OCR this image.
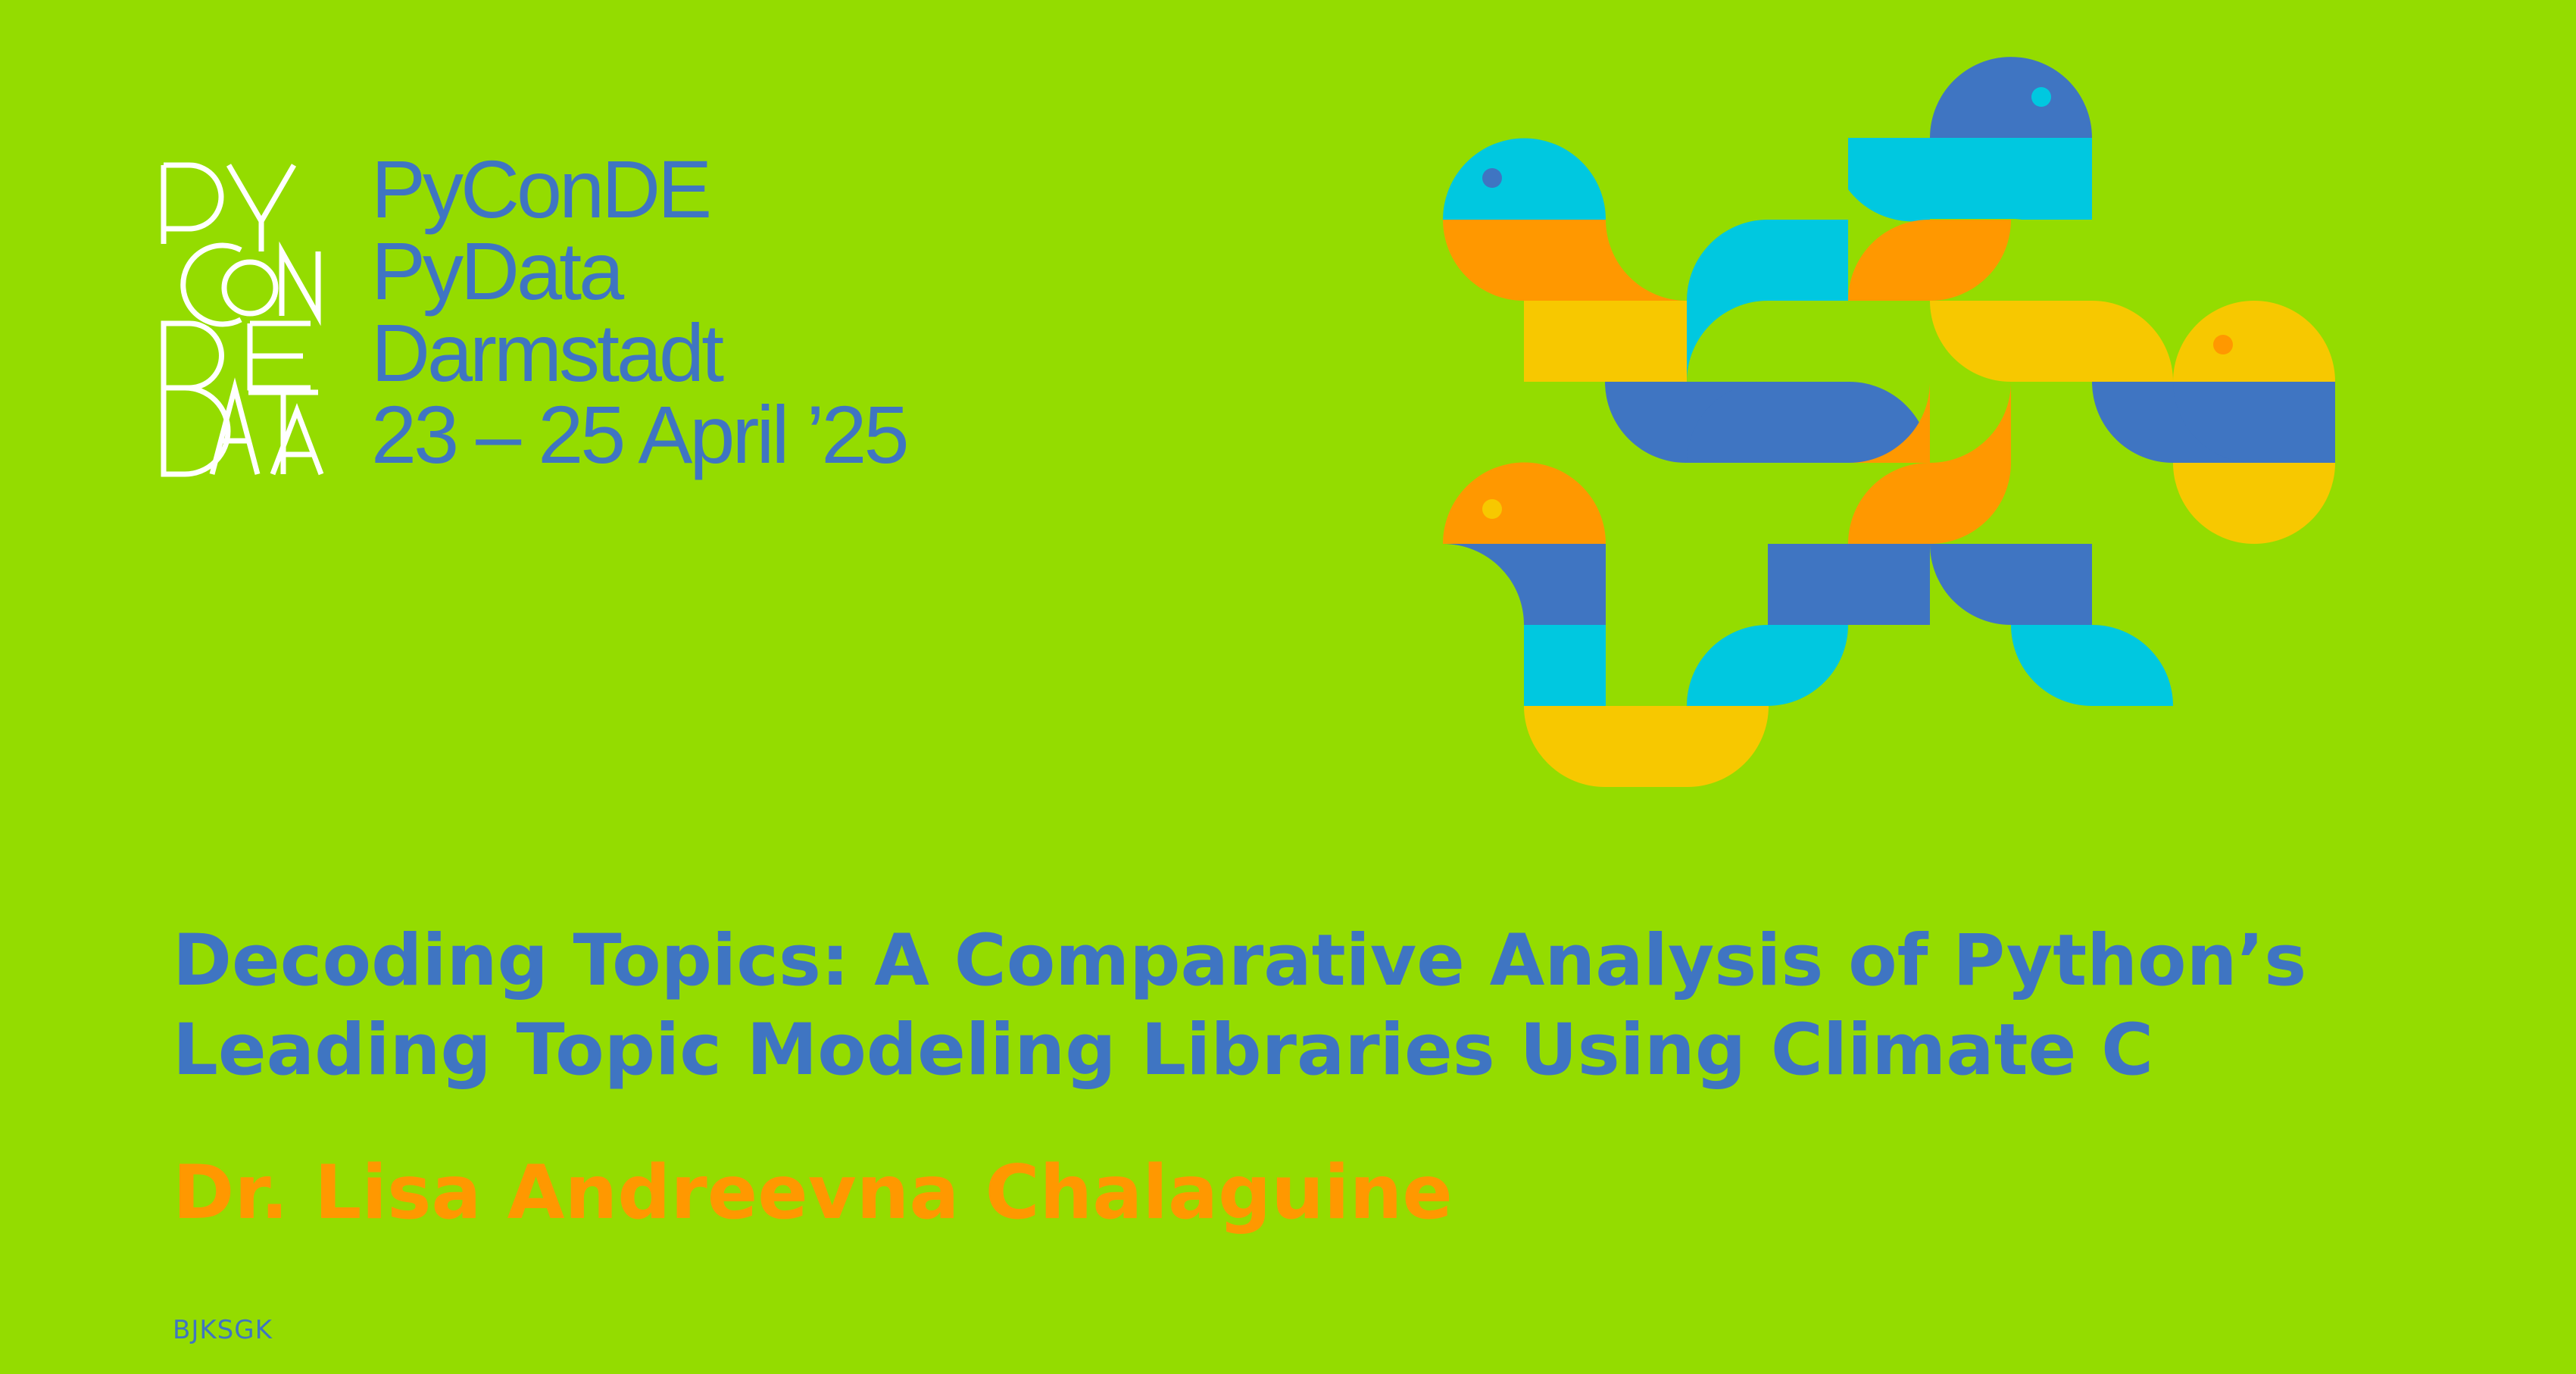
PyConDE
PyData
Darmstadt
23 – 25 April ’25
Decoding Topics: A Comparative Analysis of Python’s
Leading Topic Modeling Libraries Using Climate C
Dr. Lisa Andreevna Chalaguine
BJKSGK
